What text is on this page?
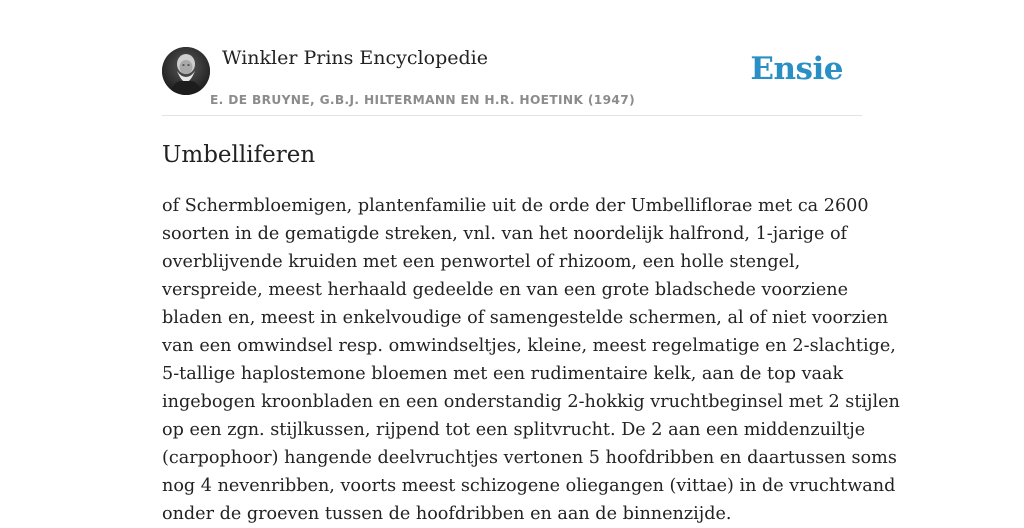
Winkler Prins Encyclopedie
E. DE BRUYNE, G.B.J. HILTERMANN EN H.R. HOETINK (1947)
Ensie
Umbelliferen
of Schermbloemigen, plantenfamilie uit de orde der Umbelliflorae met ca 2600
soorten in de gematigde streken, vnl. van het noordelijk halfrond, 1-jarige of
overblijvende kruiden met een penwortel of rhizoom, een holle stengel,
verspreide, meest herhaald gedeelde en van een grote bladschede voorziene
bladen en, meest in enkelvoudige of samengestelde schermen, al of niet voorzien
van een omwindsel resp. omwindseltjes, kleine, meest regelmatige en 2-slachtige,
5-tallige haplostemone bloemen met een rudimentaire kelk, aan de top vaak
ingebogen kroonbladen en een onderstandig 2-hokkig vruchtbeginsel met 2 stijlen
op een zgn. stijlkussen, rijpend tot een splitvrucht. De 2 aan een middenzuiltje
(carpophoor) hangende deelvruchtjes vertonen 5 hoofdribben en daartussen soms
nog 4 nevenribben, voorts meest schizogene oliegangen (vittae) in de vruchtwand
onder de groeven tussen de hoofdribben en aan de binnenzijde.
